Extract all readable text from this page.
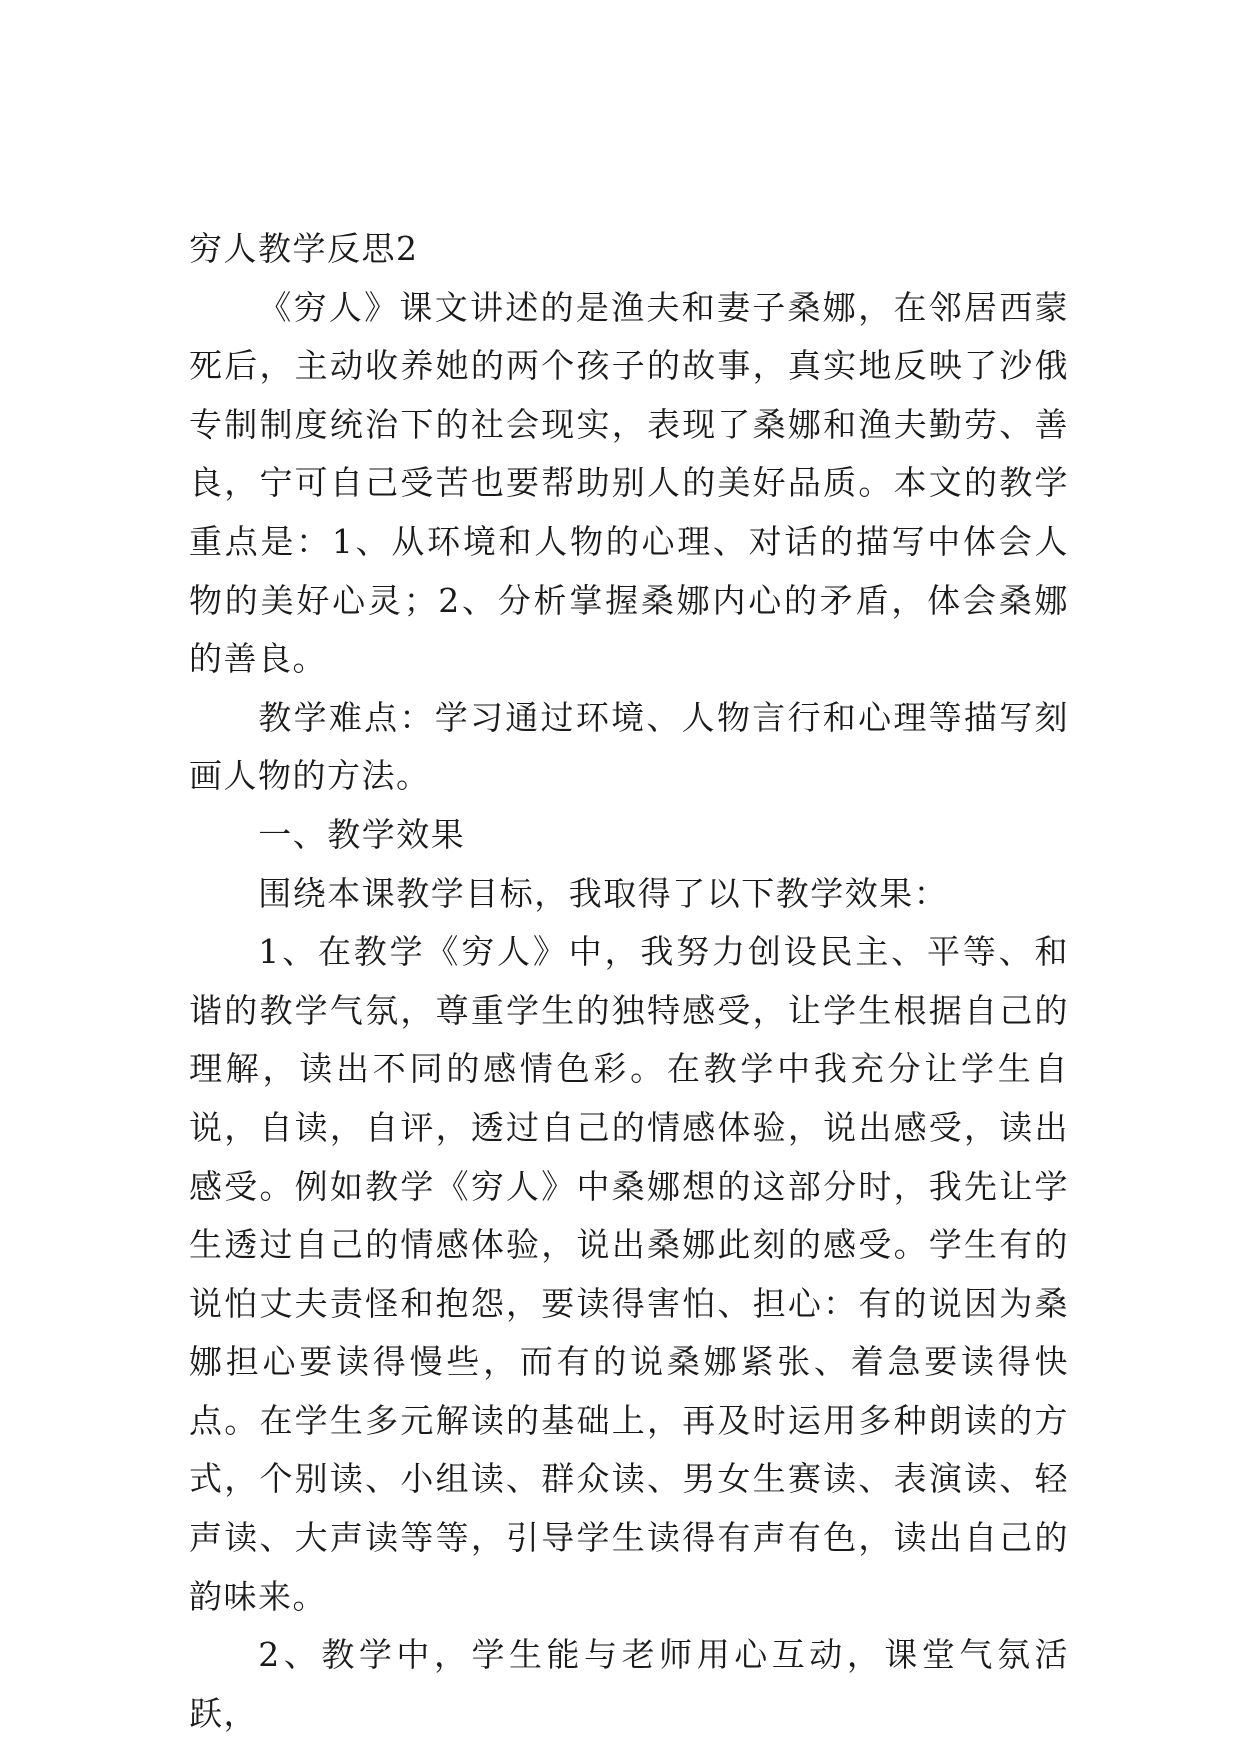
穷人教学反思2

《穷人》课文讲述的是渔夫和妻子桑娜，在邻居西蒙死后，主动收养她的两个孩子的故事，真实地反映了沙俄专制制度统治下的社会现实，表现了桑娜和渔夫勤劳、善良，宁可自己受苦也要帮助别人的美好品质。本文的教学重点是：1、从环境和人物的心理、对话的描写中体会人物的美好心灵；2、分析掌握桑娜内心的矛盾，体会桑娜的善良。

教学难点：学习通过环境、人物言行和心理等描写刻画人物的方法。

一、教学效果

围绕本课教学目标，我取得了以下教学效果：

1、在教学《穷人》中，我努力创设民主、平等、和谐的教学气氛，尊重学生的独特感受，让学生根据自己的理解，读出不同的感情色彩。在教学中我充分让学生自说，自读，自评，透过自己的情感体验，说出感受，读出感受。例如教学《穷人》中桑娜想的这部分时，我先让学生透过自己的情感体验，说出桑娜此刻的感受。学生有的说怕丈夫责怪和抱怨，要读得害怕、担心：有的说因为桑娜担心要读得慢些，而有的说桑娜紧张、着急要读得快点。在学生多元解读的基础上，再及时运用多种朗读的方式，个别读、小组读、群众读、男女生赛读、表演读、轻声读、大声读等等，引导学生读得有声有色，读出自己的韵味来。

2、教学中，学生能与老师用心互动，课堂气氛活跃，
